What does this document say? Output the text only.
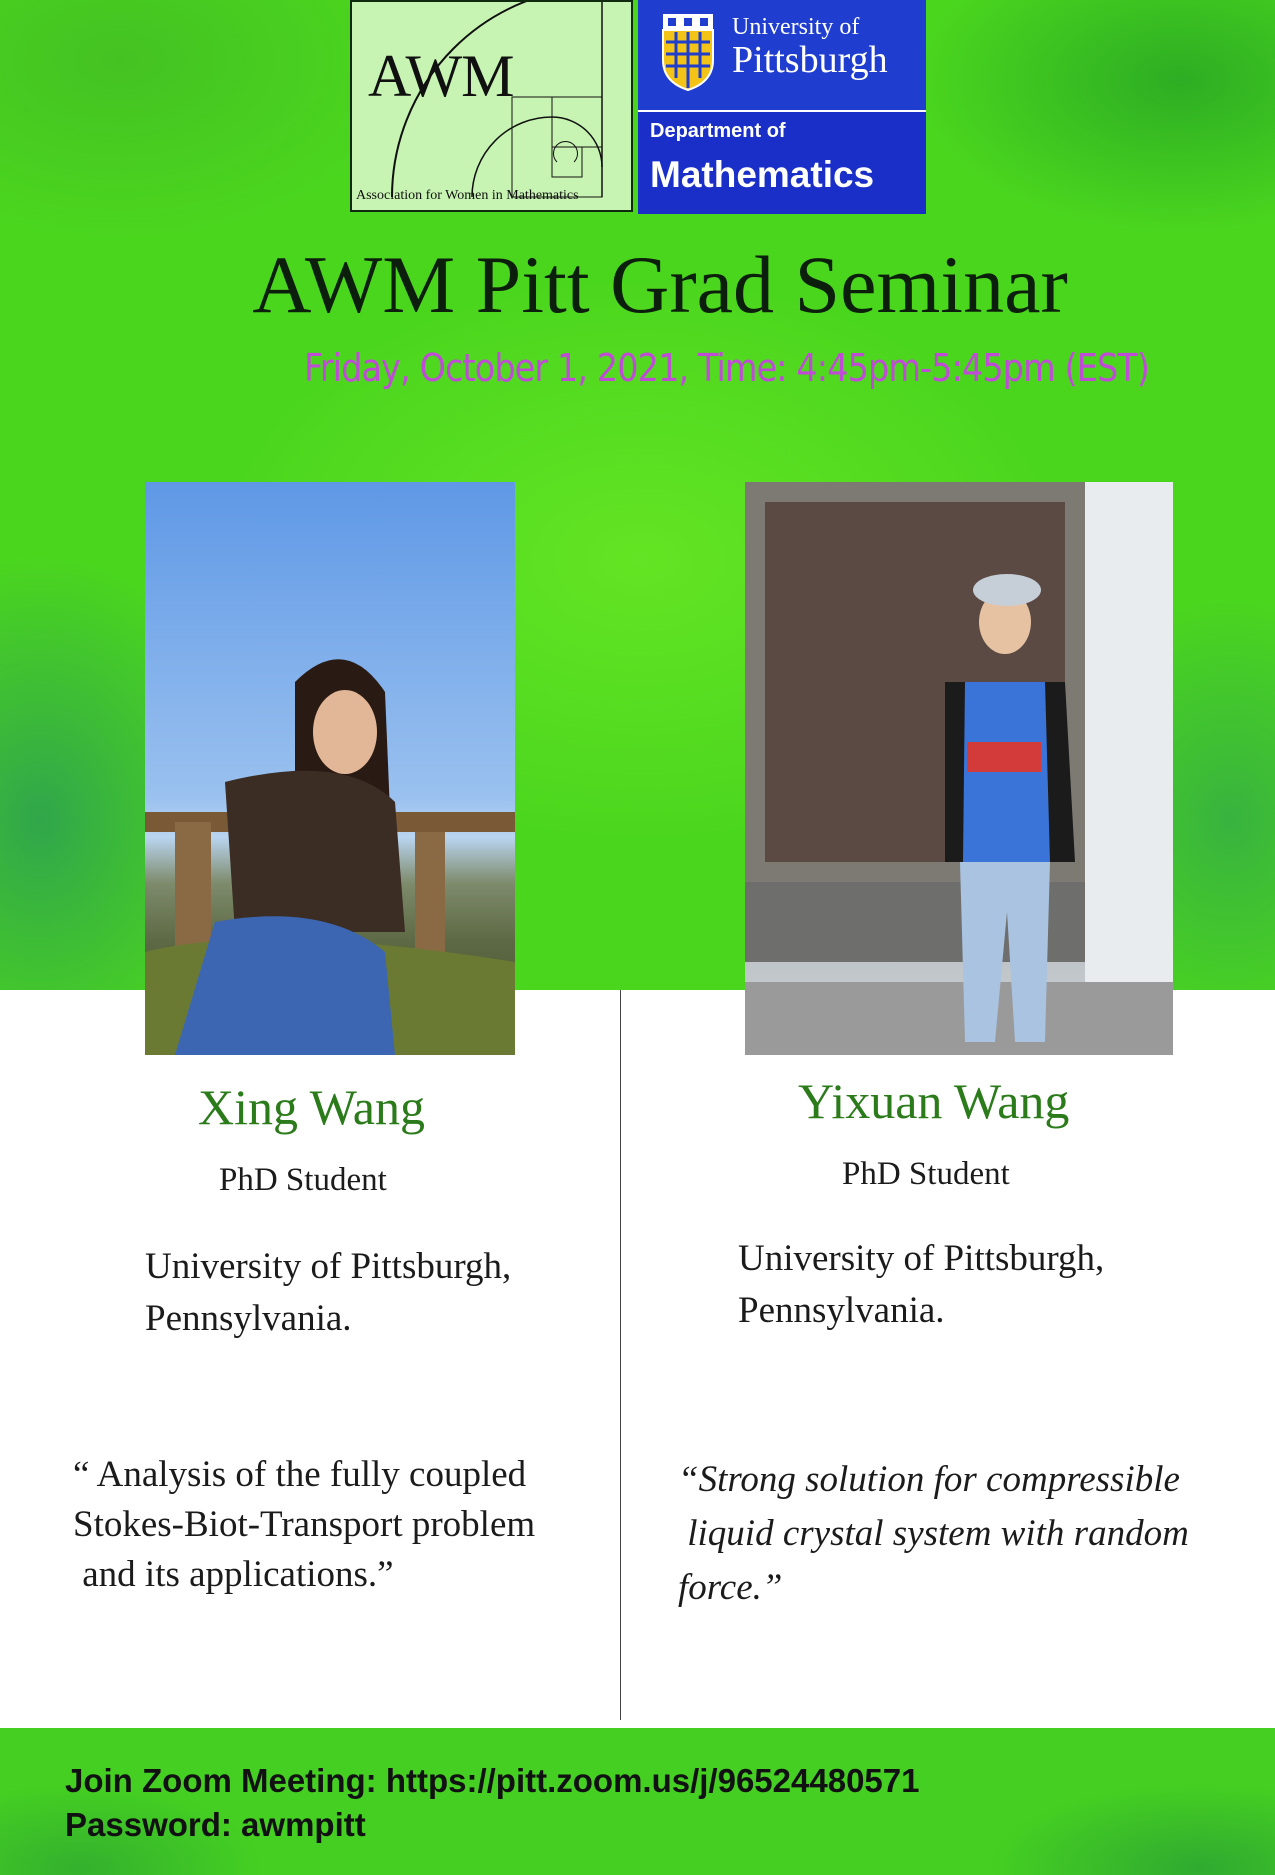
AWM
Association for Women in Mathematics
University of
Pittsburgh
Department of
Mathematics
AWM Pitt Grad Seminar
Friday, October 1, 2021, Time: 4:45pm-5:45pm (EST)
Xing Wang
PhD Student
University of Pittsburgh,
Pennsylvania.
“ Analysis of the fully coupled
Stokes-Biot-Transport problem
and its applications.”
Yixuan Wang
PhD Student
University of Pittsburgh,
Pennsylvania.
“Strong solution for compressible
liquid crystal system with random
force.”
Join Zoom Meeting: https://pitt.zoom.us/j/96524480571
Password: awmpitt
